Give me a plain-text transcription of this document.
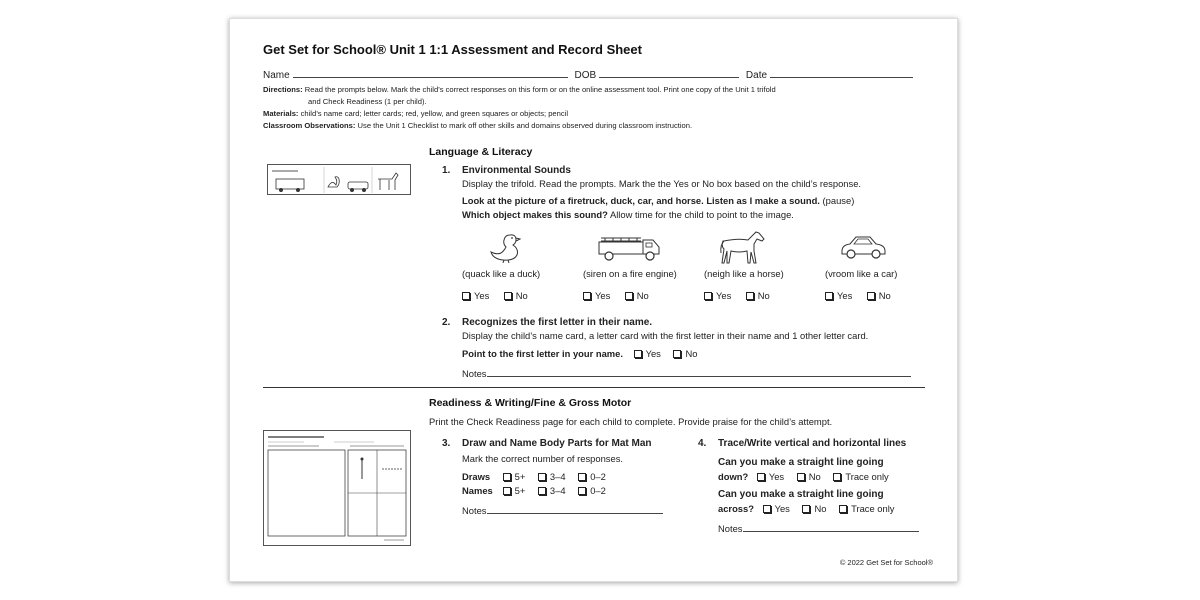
Get Set for School® Unit 1 1:1 Assessment and Record Sheet
Name	DOB	Date
Directions: Read the prompts below. Mark the child’s correct responses on this form or on the online assessment tool. Print one copy of the Unit 1 trifold
and Check Readiness (1 per child).
Materials: child’s name card; letter cards; red, yellow, and green squares or objects; pencil
Classroom Observations: Use the Unit 1 Checklist to mark off other skills and domains observed during classroom instruction.
Language & Literacy
1. Environmental Sounds
Display the trifold. Read the prompts. Mark the the Yes or No box based on the child’s response.
Look at the picture of a firetruck, duck, car, and horse. Listen as I make a sound. (pause)
Which object makes this sound? Allow time for the child to point to the image.
(quack like a duck)	(siren on a fire engine)	(neigh like a horse)	(vroom like a car)
Yes	No	Yes	No	Yes	No	Yes	No
2. Recognizes the first letter in their name.
Display the child’s name card, a letter card with the first letter in their name and 1 other letter card.
Point to the first letter in your name. Yes	No
Notes
Readiness & Writing/Fine & Gross Motor
Print the Check Readiness page for each child to complete. Provide praise for the child’s attempt.
3. Draw and Name Body Parts for Mat Man
Mark the correct number of responses.
Draws	5+	3–4	0–2
Names 5+	3–4	0–2
Notes
4. Trace/Write vertical and horizontal lines
Can you make a straight line going
down? Yes	No	Trace only
Can you make a straight line going
across? Yes	No	Trace only
Notes
© 2022 Get Set for School®
